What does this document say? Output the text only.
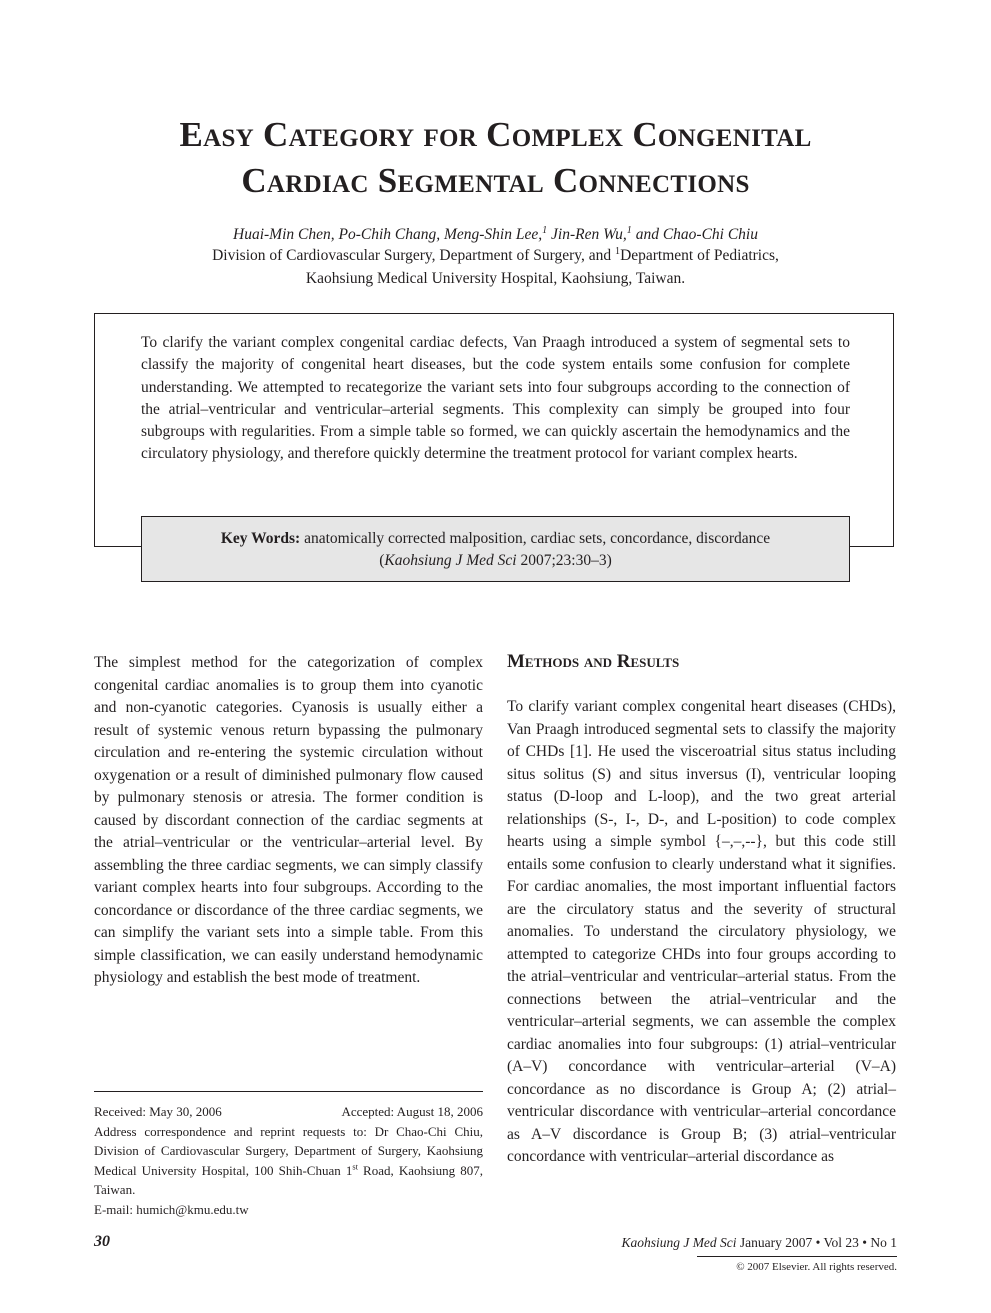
Easy Category for Complex Congenital
Cardiac Segmental Connections
Huai-Min Chen, Po-Chih Chang, Meng-Shin Lee,$^1$ Jin-Ren Wu,$^1$ and Chao-Chi Chiu
Division of Cardiovascular Surgery, Department of Surgery, and $^1$Department of Pediatrics,
Kaohsiung Medical University Hospital, Kaohsiung, Taiwan.

To clarify the variant complex congenital cardiac defects, Van Praagh introduced a system of segmental sets to classify the majority of congenital heart diseases, but the code system entails some confusion for complete understanding. We attempted to recategorize the variant sets into four subgroups according to the connection of the atrial–ventricular and ventricular–arterial segments. This complexity can simply be grouped into four subgroups with regularities. From a simple table so formed, we can quickly ascertain the hemodynamics and the circulatory physiology, and therefore quickly determine the treatment protocol for variant complex hearts.

Key Words: anatomically corrected malposition, cardiac sets, concordance, discordance
(Kaohsiung J Med Sci 2007;23:30–3)

The simplest method for the categorization of complex congenital cardiac anomalies is to group them into cyanotic and non-cyanotic categories. Cyanosis is usually either a result of systemic venous return bypassing the pulmonary circulation and re-entering the systemic circulation without oxygenation or a result of diminished pulmonary flow caused by pulmonary stenosis or atresia. The former condition is caused by discordant connection of the cardiac segments at the atrial–ventricular or the ventricular–arterial level. By assembling the three cardiac segments, we can simply classify variant complex hearts into four subgroups. According to the concordance or discordance of the three cardiac segments, we can simplify the variant sets into a simple table. From this simple classification, we can easily understand hemodynamic physiology and establish the best mode of treatment.

Methods and Results

To clarify variant complex congenital heart diseases (CHDs), Van Praagh introduced segmental sets to classify the majority of CHDs [1]. He used the visceroatrial situs status including situs solitus (S) and situs inversus (I), ventricular looping status (D-loop and L-loop), and the two great arterial relationships (S-, I-, D-, and L-position) to code complex hearts using a simple symbol {–,–,--}, but this code still entails some confusion to clearly understand what it signifies. For cardiac anomalies, the most important influential factors are the circulatory status and the severity of structural anomalies. To understand the circulatory physiology, we attempted to categorize CHDs into four groups according to the atrial–ventricular and ventricular–arterial status. From the connections between the atrial–ventricular and the ventricular–arterial segments, we can assemble the complex cardiac anomalies into four subgroups: (1) atrial–ventricular (A–V) concordance with ventricular–arterial (V–A) concordance as no discordance is Group A; (2) atrial–ventricular discordance with ventricular–arterial concordance as A–V discordance is Group B; (3) atrial–ventricular concordance with ventricular–arterial discordance as

Received: May 30, 2006	Accepted: August 18, 2006
Address correspondence and reprint requests to: Dr Chao-Chi Chiu, Division of Cardiovascular Surgery, Department of Surgery, Kaohsiung Medical University Hospital, 100 Shih-Chuan 1st Road, Kaohsiung 807, Taiwan.
E-mail: humich@kmu.edu.tw
30	Kaohsiung J Med Sci January 2007 • Vol 23 • No 1
© 2007 Elsevier. All rights reserved.
